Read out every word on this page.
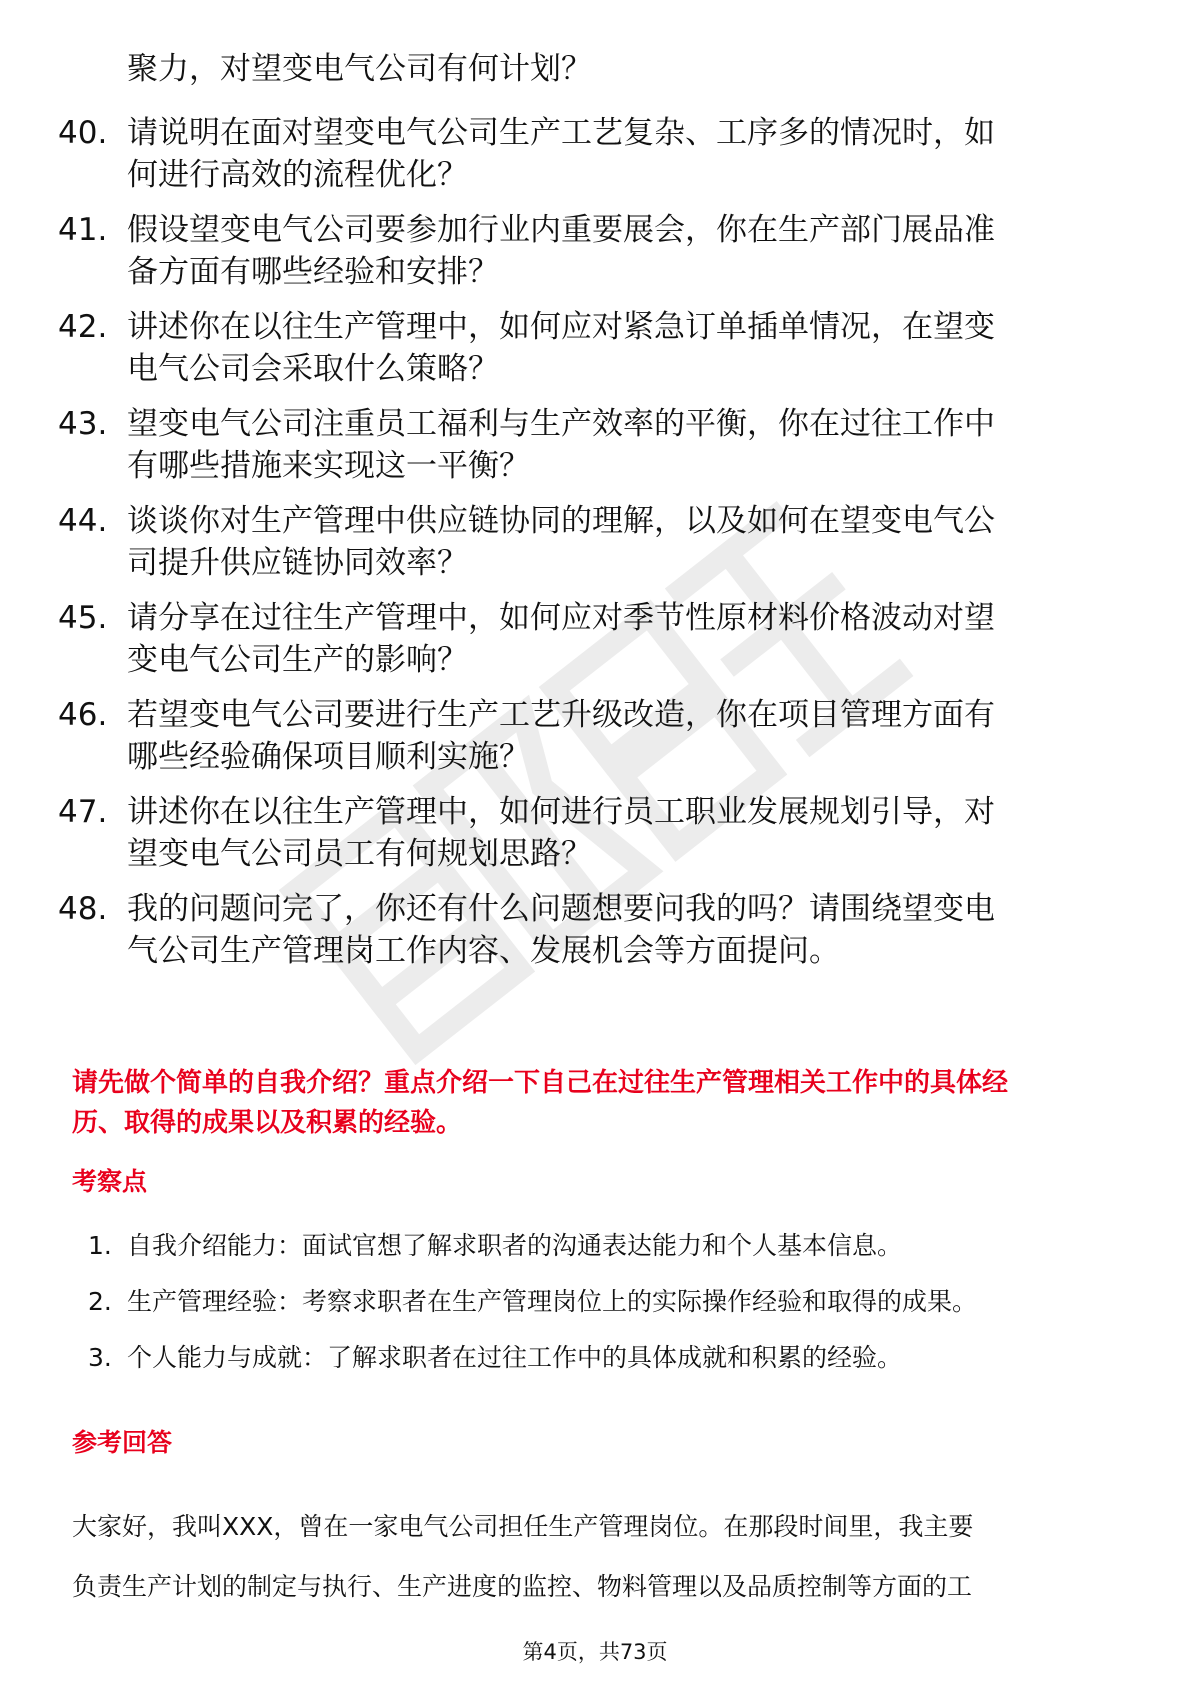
聚力，对望变电气公司有何计划？
40. 请说明在面对望变电气公司生产工艺复杂、工序多的情况时，如
何进行高效的流程优化？
41. 假设望变电气公司要参加行业内重要展会，你在生产部门展品准
备方面有哪些经验和安排？
42. 讲述你在以往生产管理中，如何应对紧急订单插单情况，在望变
电气公司会采取什么策略？
43. 望变电气公司注重员工福利与生产效率的平衡，你在过往工作中
有哪些措施来实现这一平衡？
44. 谈谈你对生产管理中供应链协同的理解，以及如何在望变电气公
司提升供应链协同效率？
45. 请分享在过往生产管理中，如何应对季节性原材料价格波动对望
变电气公司生产的影响？
46. 若望变电气公司要进行生产工艺升级改造，你在项目管理方面有
哪些经验确保项目顺利实施？
47. 讲述你在以往生产管理中，如何进行员工职业发展规划引导，对
望变电气公司员工有何规划思路？
48. 我的问题问完了，你还有什么问题想要问我的吗？请围绕望变电
气公司生产管理岗工作内容、发展机会等方面提问。
请先做个简单的自我介绍？重点介绍一下自己在过往生产管理相关工作中的具体经
历、取得的成果以及积累的经验。
考察点
1. 自我介绍能力：面试官想了解求职者的沟通表达能力和个人基本信息。
2. 生产管理经验：考察求职者在生产管理岗位上的实际操作经验和取得的成果。
3. 个人能力与成就：了解求职者在过往工作中的具体成就和积累的经验。
参考回答
大家好，我叫XXX，曾在一家电气公司担任生产管理岗位。在那段时间里，我主要
负责生产计划的制定与执行、生产进度的监控、物料管理以及品质控制等方面的工
第4页，共73页
